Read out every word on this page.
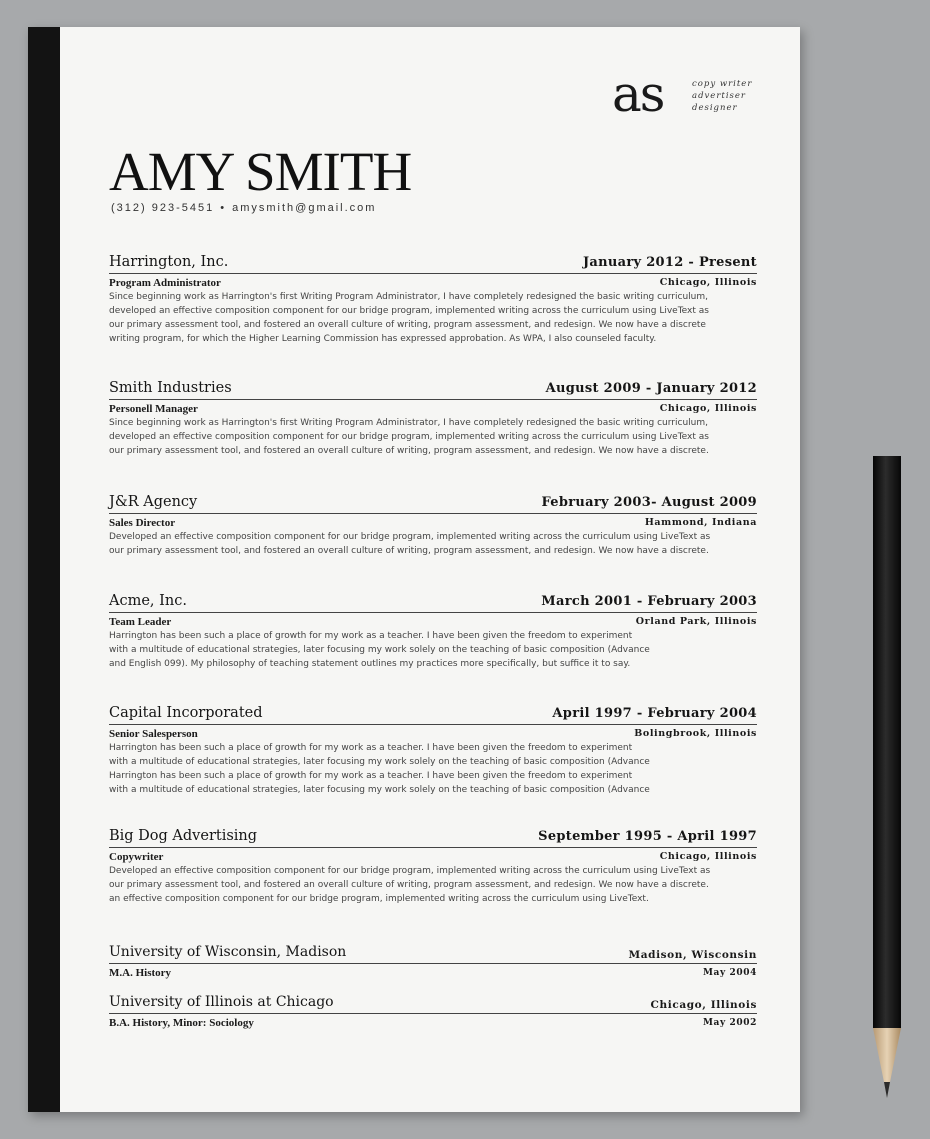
as	copy writer
advertiser
designer
AMY SMITH
(312) 923-5451 • amysmith@gmail.com
Harrington, Inc.	January 2012 - Present
Program Administrator	Chicago, Illinois
Since beginning work as Harrington's first Writing Program Administrator, I have completely redesigned the basic writing curriculum,
developed an effective composition component for our bridge program, implemented writing across the curriculum using LiveText as
our primary assessment tool, and fostered an overall culture of writing, program assessment, and redesign. We now have a discrete
writing program, for which the Higher Learning Commission has expressed approbation. As WPA, I also counseled faculty.
Smith Industries	August 2009 - January 2012
Personell Manager	Chicago, Illinois
Since beginning work as Harrington's first Writing Program Administrator, I have completely redesigned the basic writing curriculum,
developed an effective composition component for our bridge program, implemented writing across the curriculum using LiveText as
our primary assessment tool, and fostered an overall culture of writing, program assessment, and redesign. We now have a discrete.
J&R Agency	February 2003- August 2009
Sales Director	Hammond, Indiana
Developed an effective composition component for our bridge program, implemented writing across the curriculum using LiveText as
our primary assessment tool, and fostered an overall culture of writing, program assessment, and redesign. We now have a discrete.
Acme, Inc.	March 2001 - February 2003
Team Leader	Orland Park, Illinois
Harrington has been such a place of growth for my work as a teacher. I have been given the freedom to experiment
with a multitude of educational strategies, later focusing my work solely on the teaching of basic composition (Advance
and English 099). My philosophy of teaching statement outlines my practices more specifically, but suffice it to say.
Capital Incorporated	April 1997 - February 2004
Senior Salesperson	Bolingbrook, Illinois
Harrington has been such a place of growth for my work as a teacher. I have been given the freedom to experiment
with a multitude of educational strategies, later focusing my work solely on the teaching of basic composition (Advance
Harrington has been such a place of growth for my work as a teacher. I have been given the freedom to experiment
with a multitude of educational strategies, later focusing my work solely on the teaching of basic composition (Advance
Big Dog Advertising	September 1995 - April 1997
Copywriter	Chicago, Illinois
Developed an effective composition component for our bridge program, implemented writing across the curriculum using LiveText as
our primary assessment tool, and fostered an overall culture of writing, program assessment, and redesign. We now have a discrete.
an effective composition component for our bridge program, implemented writing across the curriculum using LiveText.
University of Wisconsin, Madison	Madison, Wisconsin
M.A. History	May 2004
University of Illinois at Chicago	Chicago, Illinois
B.A. History, Minor: Sociology	May 2002
